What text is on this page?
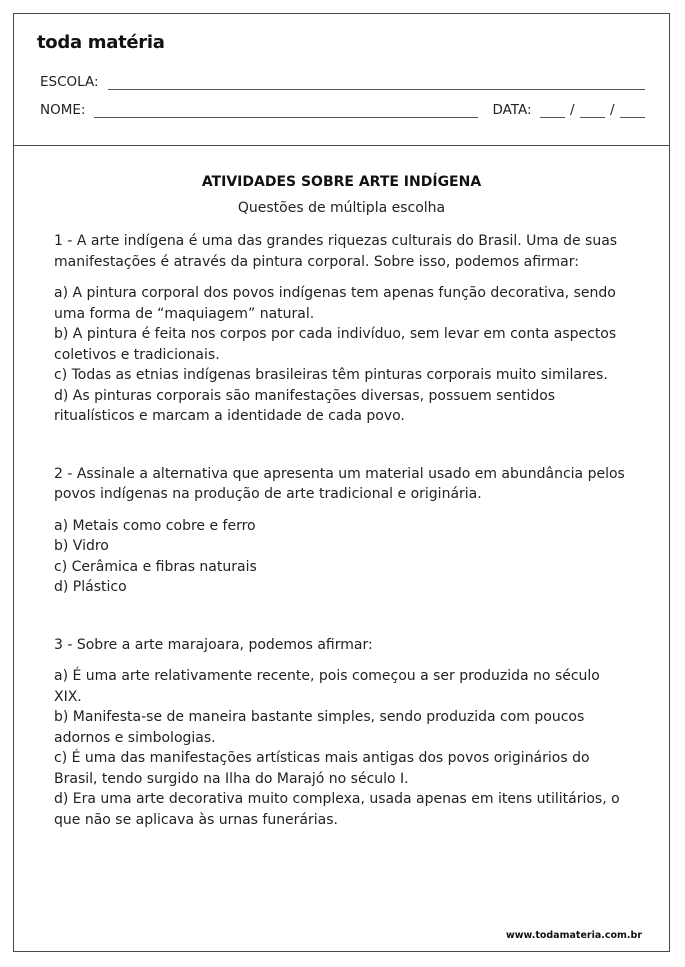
toda matéria
ESCOLA:
NOME:	DATA:	/	/

ATIVIDADES SOBRE ARTE INDÍGENA

Questões de múltipla escolha

1 - A arte indígena é uma das grandes riquezas culturais do Brasil. Uma de suas manifestações é através da pintura corporal. Sobre isso, podemos afirmar:

a) A pintura corporal dos povos indígenas tem apenas função decorativa, sendo uma forma de “maquiagem” natural.

b) A pintura é feita nos corpos por cada indivíduo, sem levar em conta aspectos coletivos e tradicionais.

c) Todas as etnias indígenas brasileiras têm pinturas corporais muito similares.

d) As pinturas corporais são manifestações diversas, possuem sentidos ritualísticos e marcam a identidade de cada povo.

2 - Assinale a alternativa que apresenta um material usado em abundância pelos povos indígenas na produção de arte tradicional e originária.

a) Metais como cobre e ferro

b) Vidro

c) Cerâmica e fibras naturais

d) Plástico

3 - Sobre a arte marajoara, podemos afirmar:

a) É uma arte relativamente recente, pois começou a ser produzida no século XIX.

b) Manifesta-se de maneira bastante simples, sendo produzida com poucos adornos e simbologias.

c) É uma das manifestações artísticas mais antigas dos povos originários do Brasil, tendo surgido na Ilha do Marajó no século I.

d) Era uma arte decorativa muito complexa, usada apenas em itens utilitários, o que não se aplicava às urnas funerárias.

www.todamateria.com.br
